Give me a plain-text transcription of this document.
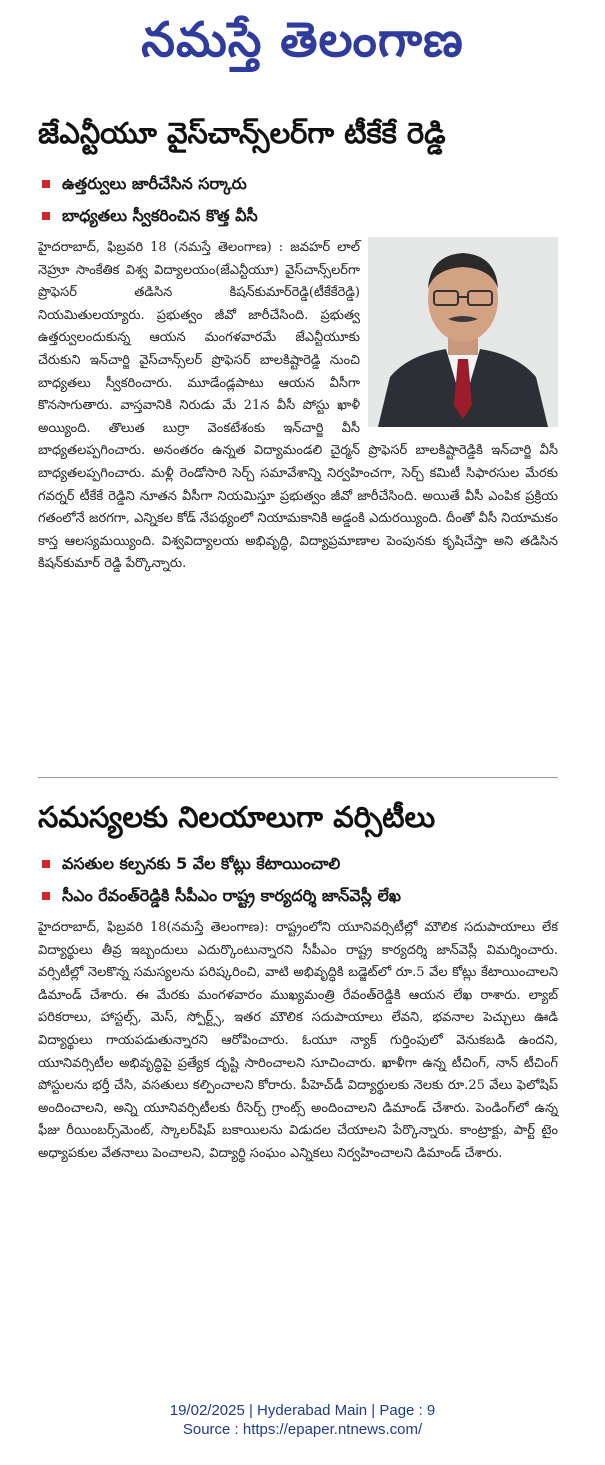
నమస్తే తెలంగాణ
జేఎన్టీయూ వైస్‌చాన్స్‌లర్‌గా టీకేకే రెడ్డి
ఉత్తర్వులు జారీచేసిన సర్కారు
బాధ్యతలు స్వీకరించిన కొత్త వీసీ
హైదరాబాద్, ఫిబ్రవరి 18 (నమస్తే తెలంగాణ) : జవహర్ లాల్ నెహ్రూ సాంకేతిక విశ్వ విద్యాలయం(జేఎన్టీయూ) వైస్‌చాన్స్‌లర్‌గా ప్రొఫెసర్ తడిసిన కిషన్‌కుమార్‌రెడ్డి(టీకేకేరెడ్డి) నియమితులయ్యారు. ప్రభుత్వం జీవో జారీచేసింది. ప్రభుత్వ ఉత్తర్వులందుకున్న ఆయన మంగళవారమే జేఎన్టీయూకు చేరుకుని ఇన్‌చార్జి వైస్‌చాన్స్‌లర్ ప్రొఫెసర్ బాలకిష్టారెడ్డి నుంచి బాధ్యతలు స్వీకరించారు. మూడేండ్లపాటు ఆయన వీసీగా కొనసాగుతారు. వాస్తవానికి నిరుడు మే 21న వీసీ పోస్టు ఖాళీ అయ్యింది. తొలుత బుర్రా వెంకటేశంకు ఇన్‌చార్జి వీసీ బాధ్యతలప్పగించారు. అనంతరం ఉన్నత విద్యామండలి చైర్మన్ ప్రొఫెసర్ బాలకిష్టారెడ్డికి ఇన్‌చార్జి వీసీ బాధ్యతలప్పగించారు. మళ్లీ రెండోసారి సెర్చ్ సమావేశాన్ని నిర్వహించగా, సెర్చ్ కమిటీ సిఫారసుల మేరకు గవర్నర్ టీకేకే రెడ్డిని నూతన వీసీగా నియమిస్తూ ప్రభుత్వం జీవో జారీచేసింది. అయితే వీసీ ఎంపిక ప్రక్రియ గతంలోనే జరగగా, ఎన్నికల కోడ్ నేపథ్యంలో నియామకానికి అడ్డంకి ఎదురయ్యింది. దీంతో వీసీ నియామకం కాస్త ఆలస్యమయ్యింది. విశ్వవిద్యాలయ అభివృద్ధి, విద్యాప్రమాణాల పెంపునకు కృషిచేస్తా అని తడిసిన కిషన్‌కుమార్ రెడ్డి పేర్కొన్నారు.
సమస్యలకు నిలయాలుగా వర్సిటీలు
వసతుల కల్పనకు 5 వేల కోట్లు కేటాయించాలి
సీఎం రేవంత్‌రెడ్డికి సీపీఎం రాష్ట్ర కార్యదర్శి జాన్‌వెస్లీ లేఖ
హైదరాబాద్, ఫిబ్రవరి 18(నమస్తే తెలంగాణ): రాష్ట్రంలోని యూనివర్సిటీల్లో మౌలిక సదుపాయాలు లేక విద్యార్థులు తీవ్ర ఇబ్బందులు ఎదుర్కొంటున్నారని సీపీఎం రాష్ట్ర కార్యదర్శి జాన్‌వెస్లీ విమర్శించారు. వర్సిటీల్లో నెలకొన్న సమస్యలను పరిష్కరించి, వాటి అభివృద్ధికి బడ్జెట్‌లో రూ.5 వేల కోట్లు కేటాయించాలని డిమాండ్ చేశారు. ఈ మేరకు మంగళవారం ముఖ్యమంత్రి రేవంత్‌రెడ్డికి ఆయన లేఖ రాశారు. ల్యాబ్ పరికరాలు, హాస్టల్స్, మెస్, స్పోర్ట్స్, ఇతర మౌలిక సదుపాయాలు లేవని, భవనాల పెచ్చులు ఊడి విద్యార్థులు గాయపడుతున్నారని ఆరోపించారు. ఓయూ న్యాక్ గుర్తింపులో వెనుకబడి ఉందని, యూనివర్సిటీల అభివృద్ధిపై ప్రత్యేక దృష్టి సారించాలని సూచించారు. ఖాళీగా ఉన్న టీచింగ్, నాన్ టీచింగ్ పోస్టులను భర్తీ చేసి, వసతులు కల్పించాలని కోరారు. పీహెచ్‌డీ విద్యార్థులకు నెలకు రూ.25 వేలు ఫెలోషిప్ అందించాలని, అన్ని యూనివర్సిటీలకు రీసెర్చ్ గ్రాంట్స్ అందించాలని డిమాండ్ చేశారు. పెండింగ్‌లో ఉన్న ఫీజు రీయింబర్స్‌మెంట్, స్కాలర్‌షిప్ బకాయిలను విడుదల చేయాలని పేర్కొన్నారు. కాంట్రాక్టు, పార్ట్ టైం అధ్యాపకుల వేతనాలు పెంచాలని, విద్యార్థి సంఘం ఎన్నికలు నిర్వహించాలని డిమాండ్ చేశారు.
19/02/2025 | Hyderabad Main | Page : 9
Source : https://epaper.ntnews.com/
